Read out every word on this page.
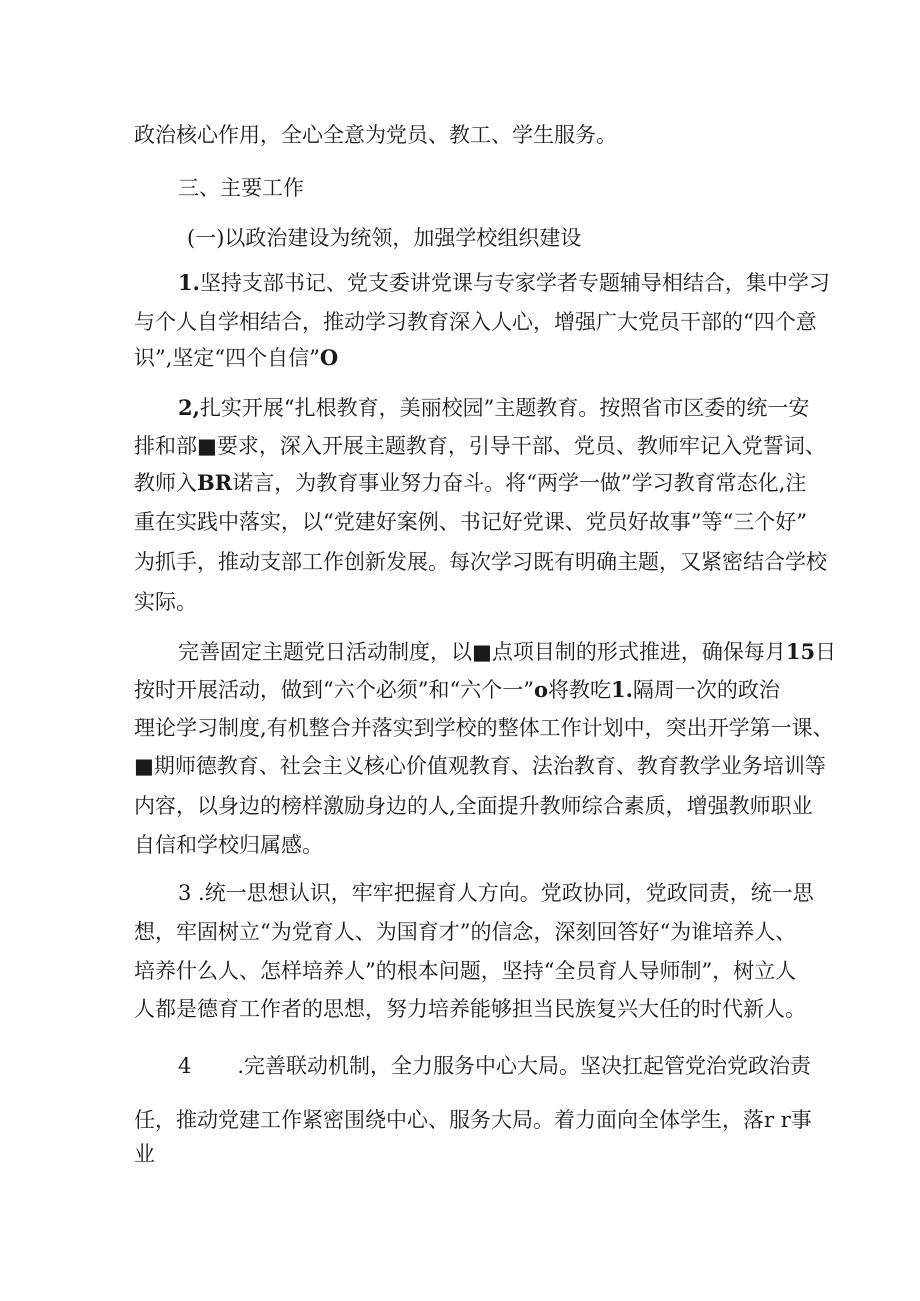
政治核心作用，全心全意为党员、教工、学生服务。
三、主要工作
(一)以政治建设为统领，加强学校组织建设
1.坚持支部书记、党支委讲党课与专家学者专题辅导相结合，集中学习
与个人自学相结合，推动学习教育深入人心，增强广大党员干部的“四个意
识”,坚定“四个自信”O
2,扎实开展“扎根教育，美丽校园”主题教育。按照省市区委的统一安
排和部■要求，深入开展主题教育，引导干部、党员、教师牢记入党誓词、
教师入BR诺言，为教育事业努力奋斗。将“两学一做”学习教育常态化,注
重在实践中落实，以“党建好案例、书记好党课、党员好故事”等“三个好”
为抓手，推动支部工作创新发展。每次学习既有明确主题，又紧密结合学校
实际。
完善固定主题党日活动制度，以■点项目制的形式推进，确保每月15日
按时开展活动，做到“六个必须”和“六个一”o将教吃1.隔周一次的政治
理论学习制度,有机整合并落实到学校的整体工作计划中，突出开学第一课、
■期师德教育、社会主义核心价值观教育、法治教育、教育教学业务培训等
内容，以身边的榜样激励身边的人,全面提升教师综合素质，增强教师职业
自信和学校归属感。
3 .统一思想认识，牢牢把握育人方向。党政协同，党政同责，统一思
想，牢固树立“为党育人、为国育才”的信念，深刻回答好“为谁培养人、
培养什么人、怎样培养人”的根本问题，坚持“全员育人导师制”，树立人
人都是德育工作者的思想，努力培养能够担当民族复兴大任的时代新人。
4 .完善联动机制，全力服务中心大局。坚决扛起管党治党政治责
任，推动党建工作紧密围绕中心、服务大局。着力面向全体学生，落r r事
业
